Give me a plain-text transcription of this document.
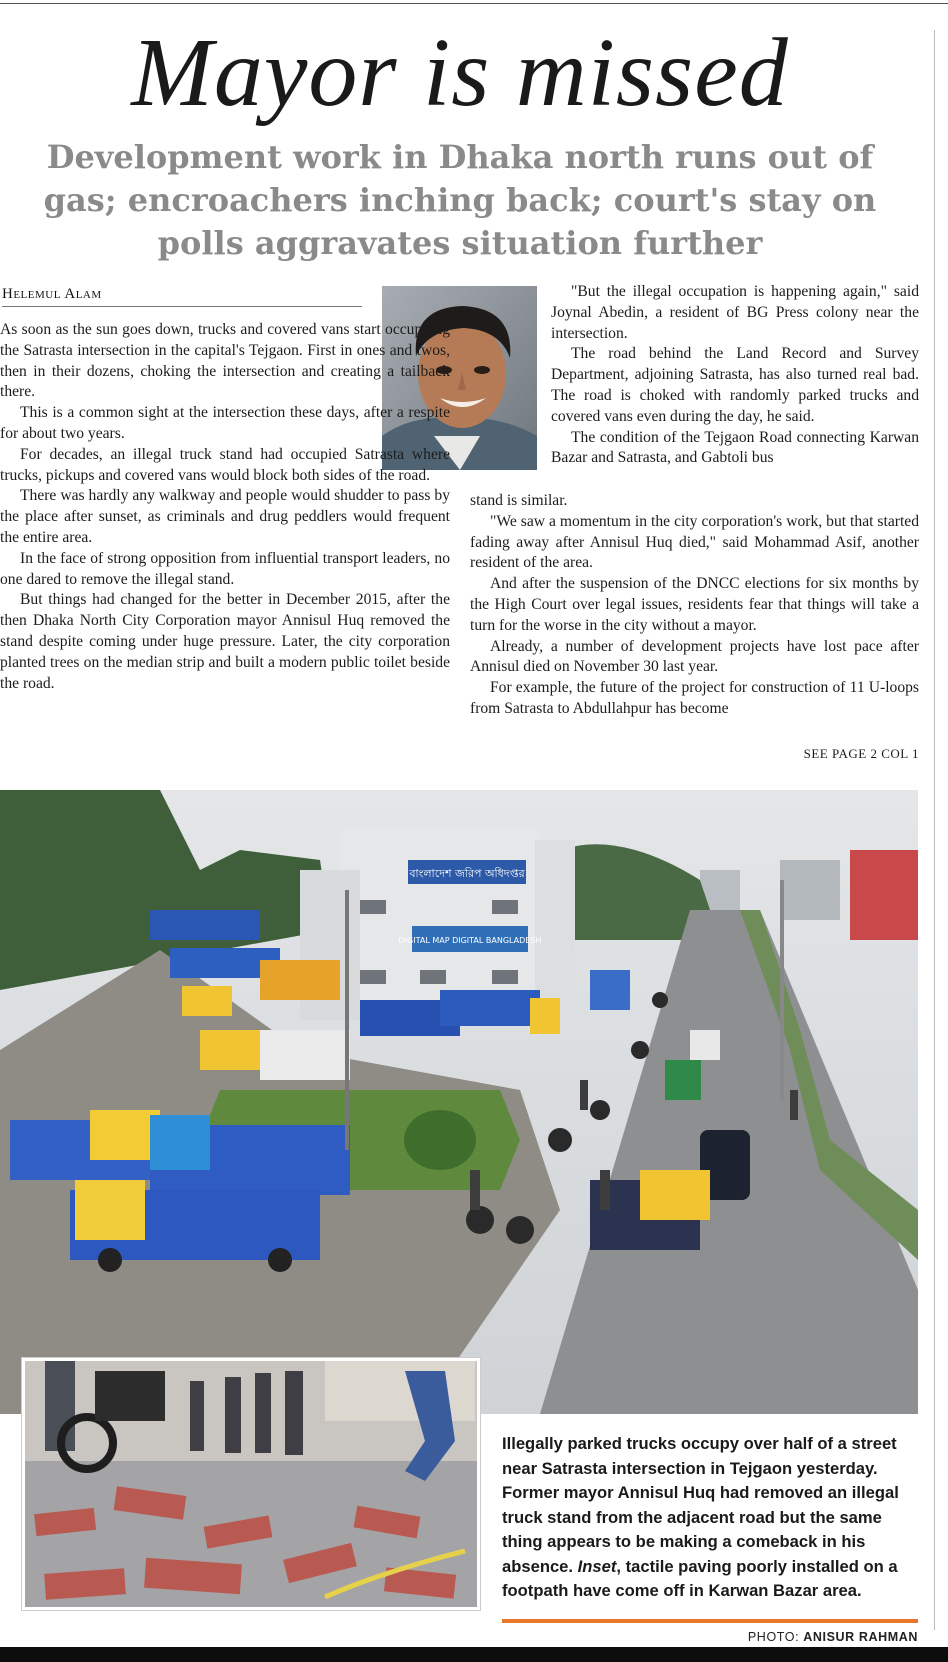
Mayor is missed
Development work in Dhaka north runs out of gas; encroachers inching back; court's stay on polls aggravates situation further
Helemul Alam

As soon as the sun goes down, trucks and covered vans start occupying the Satrasta intersection in the capital's Tejgaon. First in ones and twos, then in their dozens, choking the intersection and creating a tailback there.

This is a common sight at the intersection these days, after a respite for about two years.

For decades, an illegal truck stand had occupied Satrasta where trucks, pickups and covered vans would block both sides of the road.

There was hardly any walkway and people would shudder to pass by the place after sunset, as criminals and drug peddlers would frequent the entire area.

In the face of strong opposition from influential transport leaders, no one dared to remove the illegal stand.

But things had changed for the better in December 2015, after the then Dhaka North City Corporation mayor Annisul Huq removed the stand despite coming under huge pressure. Later, the city corporation planted trees on the median strip and built a modern public toilet beside the road.

"But the illegal occupation is happening again," said Joynal Abedin, a resident of BG Press colony near the intersection.

The road behind the Land Record and Survey Department, adjoining Satrasta, has also turned real bad. The road is choked with randomly parked trucks and covered vans even during the day, he said.

The condition of the Tejgaon Road connecting Karwan Bazar and Satrasta, and Gabtoli bus

stand is similar.

"We saw a momentum in the city corporation's work, but that started fading away after Annisul Huq died," said Mohammad Asif, another resident of the area.

And after the suspension of the DNCC elections for six months by the High Court over legal issues, residents fear that things will take a turn for the worse in the city without a mayor.

Already, a number of development projects have lost pace after Annisul died on November 30 last year.

For example, the future of the project for construction of 11 U-loops from Satrasta to Abdullahpur has become

SEE PAGE 2 COL 1
বাংলাদেশ জরিপ অধিদপ্তর
DIGITAL MAP DIGITAL BANGLADESH
Illegally parked trucks occupy over half of a street near Satrasta intersection in Tejgaon yesterday. Former mayor Annisul Huq had removed an illegal truck stand from the adjacent road but the same thing appears to be making a comeback in his absence. Inset, tactile paving poorly installed on a footpath have come off in Karwan Bazar area.
PHOTO: ANISUR RAHMAN
